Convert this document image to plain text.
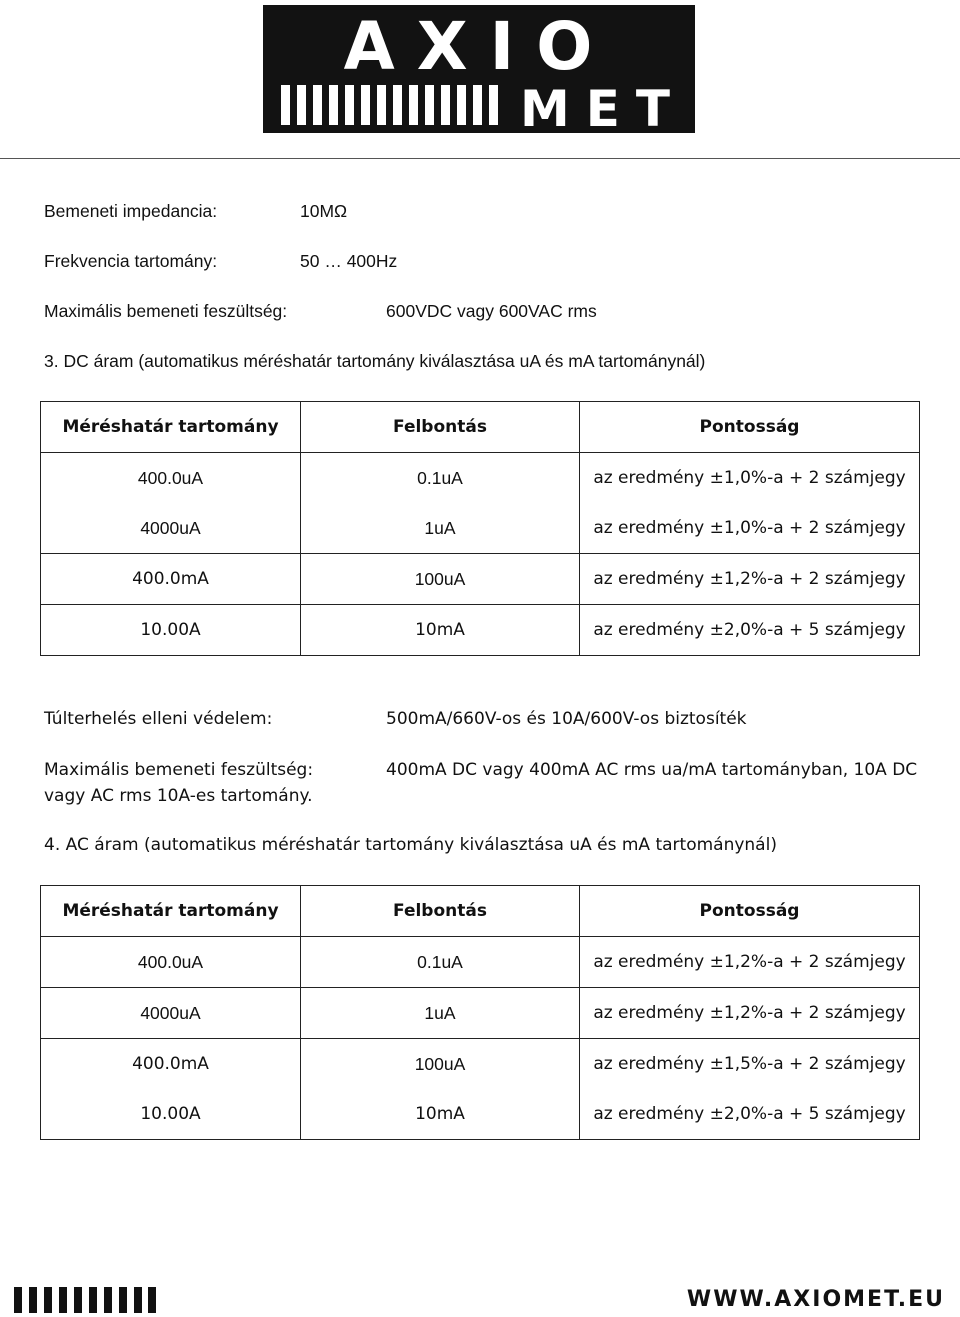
AXIO
MET
Bemeneti impedancia:	10MΩ
Frekvencia tartomány:	50 … 400Hz
Maximális bemeneti feszültség:	600VDC vagy 600VAC rms
3. DC áram (automatikus méréshatár tartomány kiválasztása uA és mA tartománynál)
Méréshatár tartomány	Felbontás	Pontosság
400.0uA	0.1uA	az eredmény ±1,0%-a + 2 számjegy
4000uA	1uA	az eredmény ±1,0%-a + 2 számjegy
400.0mA	100uA	az eredmény ±1,2%-a + 2 számjegy
10.00A	10mA	az eredmény ±2,0%-a + 5 számjegy
Túlterhelés elleni védelem:	500mA/660V-os és 10A/600V-os biztosíték
Maximális bemeneti feszültség:	400mA DC vagy 400mA AC rms ua/mA tartományban, 10A DC
vagy AC rms 10A-es tartomány.
4. AC áram (automatikus méréshatár tartomány kiválasztása uA és mA tartománynál)
Méréshatár tartomány	Felbontás	Pontosság
400.0uA	0.1uA	az eredmény ±1,2%-a + 2 számjegy
4000uA	1uA	az eredmény ±1,2%-a + 2 számjegy
400.0mA	100uA	az eredmény ±1,5%-a + 2 számjegy
10.00A	10mA	az eredmény ±2,0%-a + 5 számjegy
WWW.AXIOMET.EU
